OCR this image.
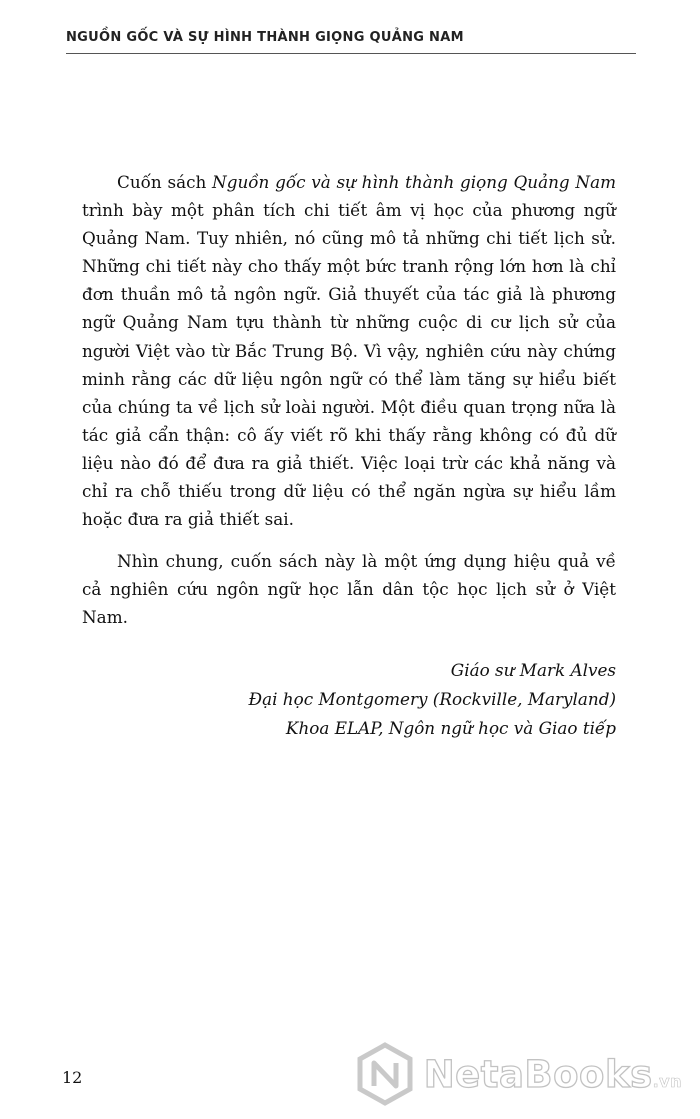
NGUỒN GỐC VÀ SỰ HÌNH THÀNH GIỌNG QUẢNG NAM

Cuốn sách Nguồn gốc và sự hình thành giọng Quảng Nam trình bày một phân tích chi tiết âm vị học của phương ngữ Quảng Nam. Tuy nhiên, nó cũng mô tả những chi tiết lịch sử. Những chi tiết này cho thấy một bức tranh rộng lớn hơn là chỉ đơn thuần mô tả ngôn ngữ. Giả thuyết của tác giả là phương ngữ Quảng Nam tựu thành từ những cuộc di cư lịch sử của người Việt vào từ Bắc Trung Bộ. Vì vậy, nghiên cứu này chứng minh rằng các dữ liệu ngôn ngữ có thể làm tăng sự hiểu biết của chúng ta về lịch sử loài người. Một điều quan trọng nữa là tác giả cẩn thận: cô ấy viết rõ khi thấy rằng không có đủ dữ liệu nào đó để đưa ra giả thiết. Việc loại trừ các khả năng và chỉ ra chỗ thiếu trong dữ liệu có thể ngăn ngừa sự hiểu lầm hoặc đưa ra giả thiết sai.

Nhìn chung, cuốn sách này là một ứng dụng hiệu quả về cả nghiên cứu ngôn ngữ học lẫn dân tộc học lịch sử ở Việt Nam.

Giáo sư Mark Alves
Đại học Montgomery (Rockville, Maryland)
Khoa ELAP, Ngôn ngữ học và Giao tiếp
12	NetaBooks.vn
